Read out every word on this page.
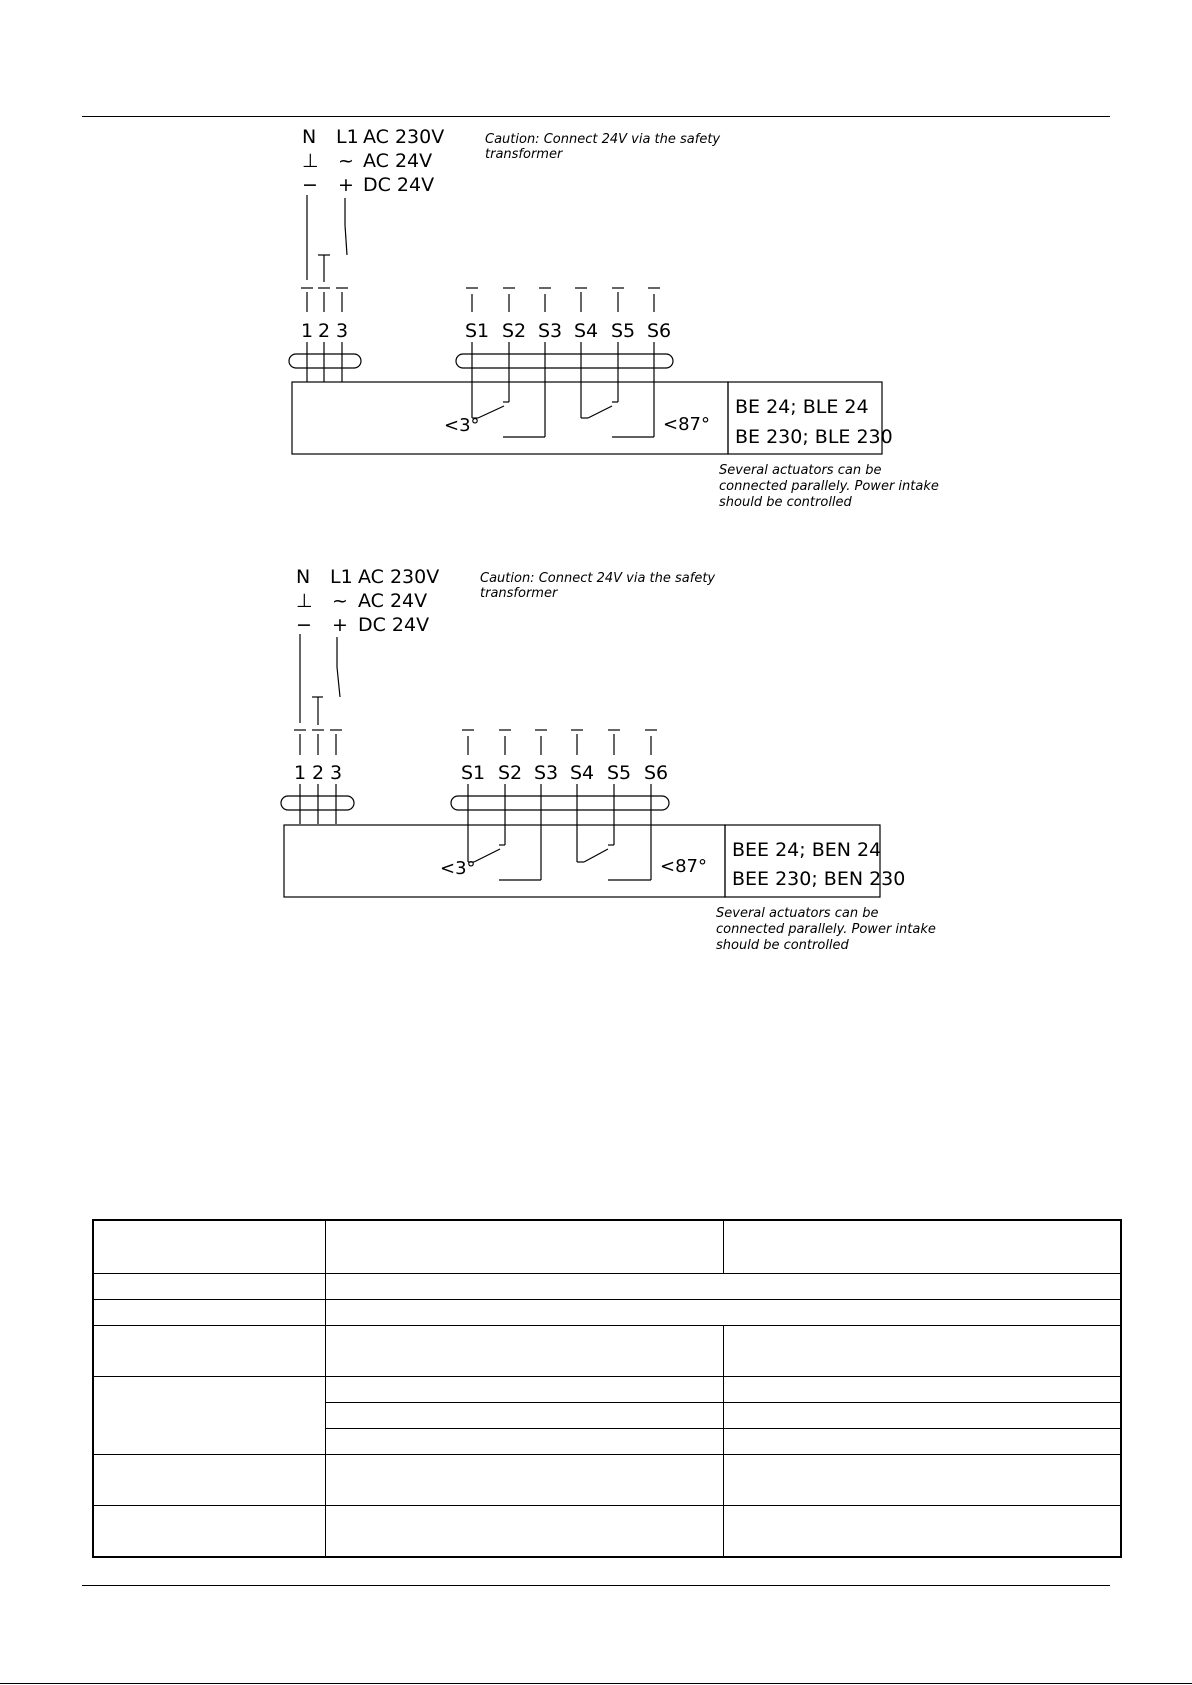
N
⊥
−
L1
~
+
AC 230V
AC 24V
DC 24V
Caution: Connect 24V via the safety
transformer
1 2 3	S1 S2 S3 S4 S5 S6
<3°	<87°
BE 24; BLE 24
BE 230; BLE 230
Several actuators can be
connected parallely. Power intake
should be controlled
N
⊥
−
L1
~
+
AC 230V
AC 24V
DC 24V
Caution: Connect 24V via the safety
transformer
1 2 3	S1 S2 S3 S4 S5 S6
<3°	<87°
BEE 24; BEN 24
BEE 230; BEN 230
Several actuators can be
connected parallely. Power intake
should be controlled
